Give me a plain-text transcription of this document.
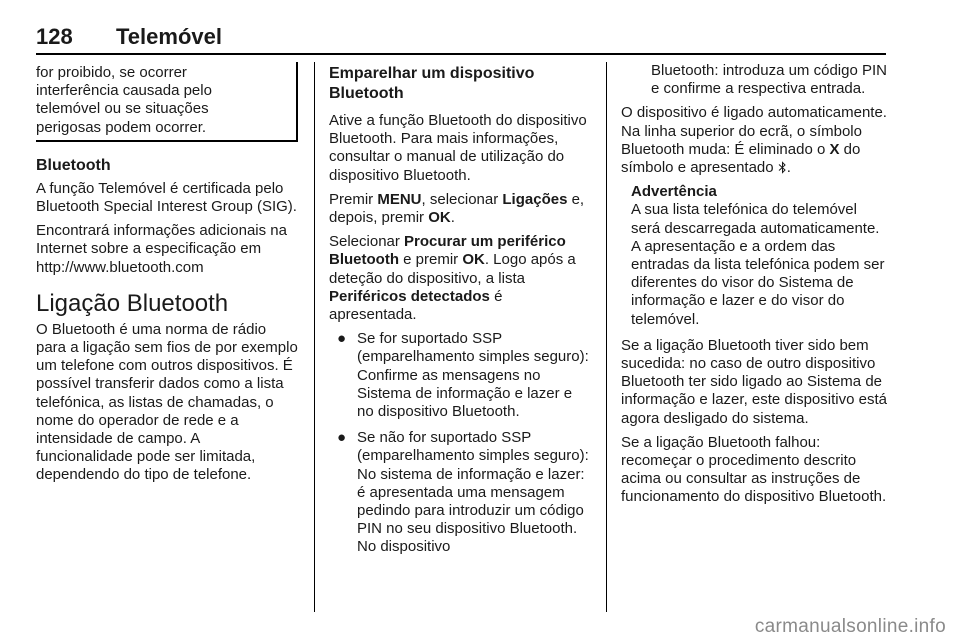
128 Telemóvel

for proibido, se ocorrer

interferência causada pelo

telemóvel ou se situações

perigosas podem ocorrer.

Bluetooth

A função Telemóvel é certificada pelo Bluetooth Special Interest Group (SIG).

Encontrará informações adicionais na Internet sobre a especificação em http://www.bluetooth.com

Ligação Bluetooth

O Bluetooth é uma norma de rádio para a ligação sem fios de por exemplo um telefone com outros dispositivos. É possível transferir dados como a lista telefónica, as listas de chamadas, o nome do operador de rede e a intensidade de campo. A funcionalidade pode ser limitada, dependendo do tipo de telefone.

Emparelhar um dispositivo Bluetooth

Ative a função Bluetooth do dispositivo Bluetooth. Para mais informações, consultar o manual de utilização do dispositivo Bluetooth.

Premir MENU, selecionar Ligações e, depois, premir OK.

Selecionar Procurar um periférico Bluetooth e premir OK. Logo após a deteção do dispositivo, a lista Periféricos detectados é apresentada.

● Se for suportado SSP (emparelhamento simples seguro): Confirme as mensagens no Sistema de informação e lazer e no dispositivo Bluetooth.
● Se não for suportado SSP (emparelhamento simples seguro): No sistema de informação e lazer: é apresentada uma mensagem pedindo para introduzir um código PIN no seu dispositivo Bluetooth. No dispositivo

Bluetooth: introduza um código PIN e confirme a respectiva entrada.

O dispositivo é ligado automaticamente. Na linha superior do ecrã, o símbolo Bluetooth muda: É eliminado o X do símbolo e apresentado .

Advertência

A sua lista telefónica do telemóvel será descarregada automaticamente. A apresentação e a ordem das entradas da lista telefónica podem ser diferentes do visor do Sistema de informação e lazer e do visor do telemóvel.

Se a ligação Bluetooth tiver sido bem sucedida: no caso de outro dispositivo Bluetooth ter sido ligado ao Sistema de informação e lazer, este dispositivo está agora desligado do sistema.

Se a ligação Bluetooth falhou: recomeçar o procedimento descrito acima ou consultar as instruções de funcionamento do dispositivo Bluetooth.

carmanualsonline.info
